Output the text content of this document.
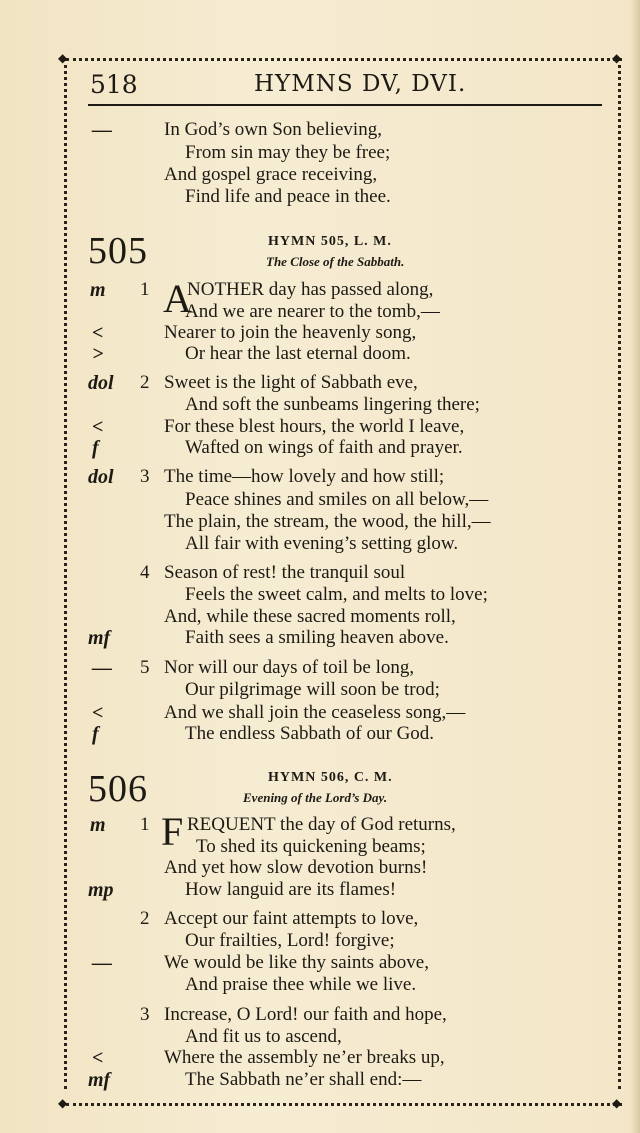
◆	◆
◆	◆
518	HYMNS DV, DVI.
—	In God’s own Son believing,
From sin may they be free;
And gospel grace receiving,
Find life and peace in thee.
505	HYMN 505, L. M.
The Close of the Sabbath.
m 1 A
NOTHER day has passed along,
And we are nearer to the tomb,—
<	Nearer to join the heavenly song,
>	Or hear the last eternal doom.
dol 2 Sweet is the light of Sabbath eve,
And soft the sunbeams lingering there;
<	For these blest hours, the world I leave,
f	Wafted on wings of faith and prayer.
dol 3 The time—how lovely and how still;
Peace shines and smiles on all below,—
The plain, the stream, the wood, the hill,—
All fair with evening’s setting glow.
4 Season of rest! the tranquil soul
Feels the sweet calm, and melts to love;
And, while these sacred moments roll,
mf	Faith sees a smiling heaven above.
— 5 Nor will our days of toil be long,
Our pilgrimage will soon be trod;
<	And we shall join the ceaseless song,—
f	The endless Sabbath of our God.
506	HYMN 506, C. M.
Evening of the Lord’s Day.
m 1 F REQUENT the day of God returns,
To shed its quickening beams;
And yet how slow devotion burns!
mp	How languid are its flames!
2 Accept our faint attempts to love,
Our frailties, Lord! forgive;
—	We would be like thy saints above,
And praise thee while we live.
3 Increase, O Lord! our faith and hope,
And fit us to ascend,
<	Where the assembly ne’er breaks up,
mf	The Sabbath ne’er shall end:—
